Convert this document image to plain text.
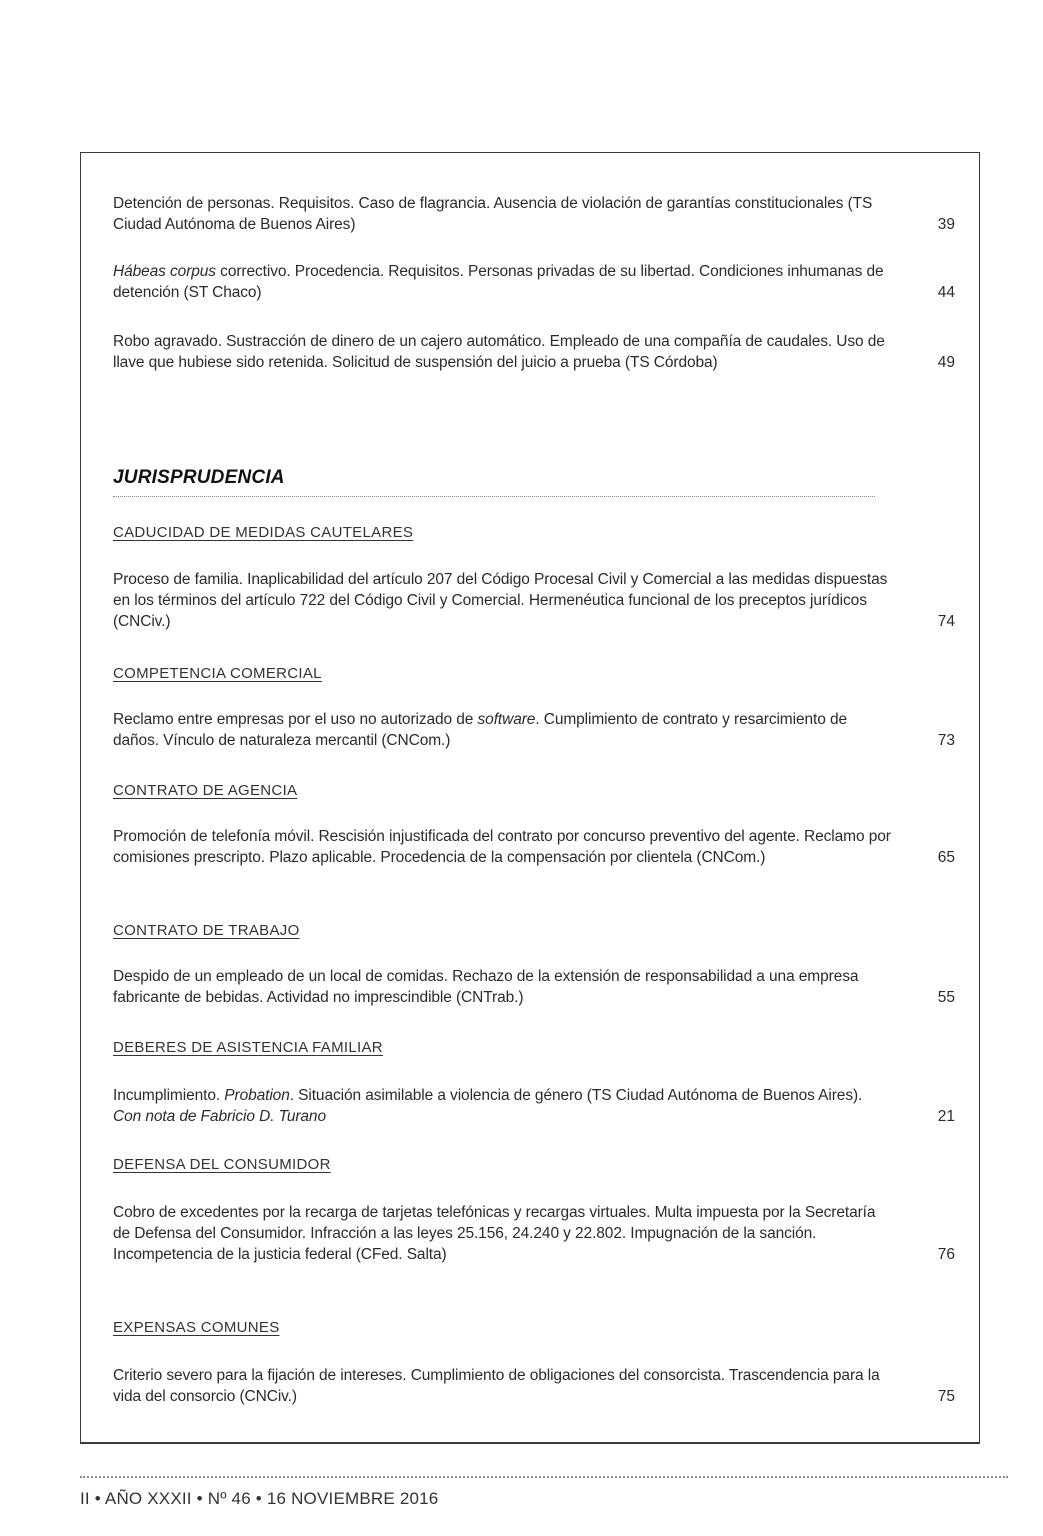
Detención de personas. Requisitos. Caso de flagrancia. Ausencia de violación de garantías constitucionales (TS Ciudad Autónoma de Buenos Aires)	39
Hábeas corpus correctivo. Procedencia. Requisitos. Personas privadas de su libertad. Condiciones inhumanas de detención (ST Chaco)	44
Robo agravado. Sustracción de dinero de un cajero automático. Empleado de una compañía de caudales. Uso de llave que hubiese sido retenida. Solicitud de suspensión del juicio a prueba (TS Córdoba)	49
JURISPRUDENCIA
CADUCIDAD DE MEDIDAS CAUTELARES
Proceso de familia. Inaplicabilidad del artículo 207 del Código Procesal Civil y Comercial a las medidas dispuestas en los términos del artículo 722 del Código Civil y Comercial. Hermenéutica funcional de los preceptos jurídicos (CNCiv.)	74
COMPETENCIA COMERCIAL
Reclamo entre empresas por el uso no autorizado de software. Cumplimiento de contrato y resarcimiento de daños. Vínculo de naturaleza mercantil (CNCom.)	73
CONTRATO DE AGENCIA
Promoción de telefonía móvil. Rescisión injustificada del contrato por concurso preventivo del agente. Reclamo por comisiones prescripto. Plazo aplicable. Procedencia de la compensación por clientela (CNCom.)	65
CONTRATO DE TRABAJO
Despido de un empleado de un local de comidas. Rechazo de la extensión de responsabilidad a una empresa fabricante de bebidas. Actividad no imprescindible (CNTrab.)	55
DEBERES DE ASISTENCIA FAMILIAR
Incumplimiento. Probation. Situación asimilable a violencia de género (TS Ciudad Autónoma de Buenos Aires). Con nota de Fabricio D. Turano	21
DEFENSA DEL CONSUMIDOR
Cobro de excedentes por la recarga de tarjetas telefónicas y recargas virtuales. Multa impuesta por la Secretaría de Defensa del Consumidor. Infracción a las leyes 25.156, 24.240 y 22.802. Impugnación de la sanción. Incompetencia de la justicia federal (CFed. Salta)	76
EXPENSAS COMUNES
Criterio severo para la fijación de intereses. Cumplimiento de obligaciones del consorcista. Trascendencia para la vida del consorcio (CNCiv.)	75
II • AÑO XXXII • Nº 46 • 16 NOVIEMBRE 2016
